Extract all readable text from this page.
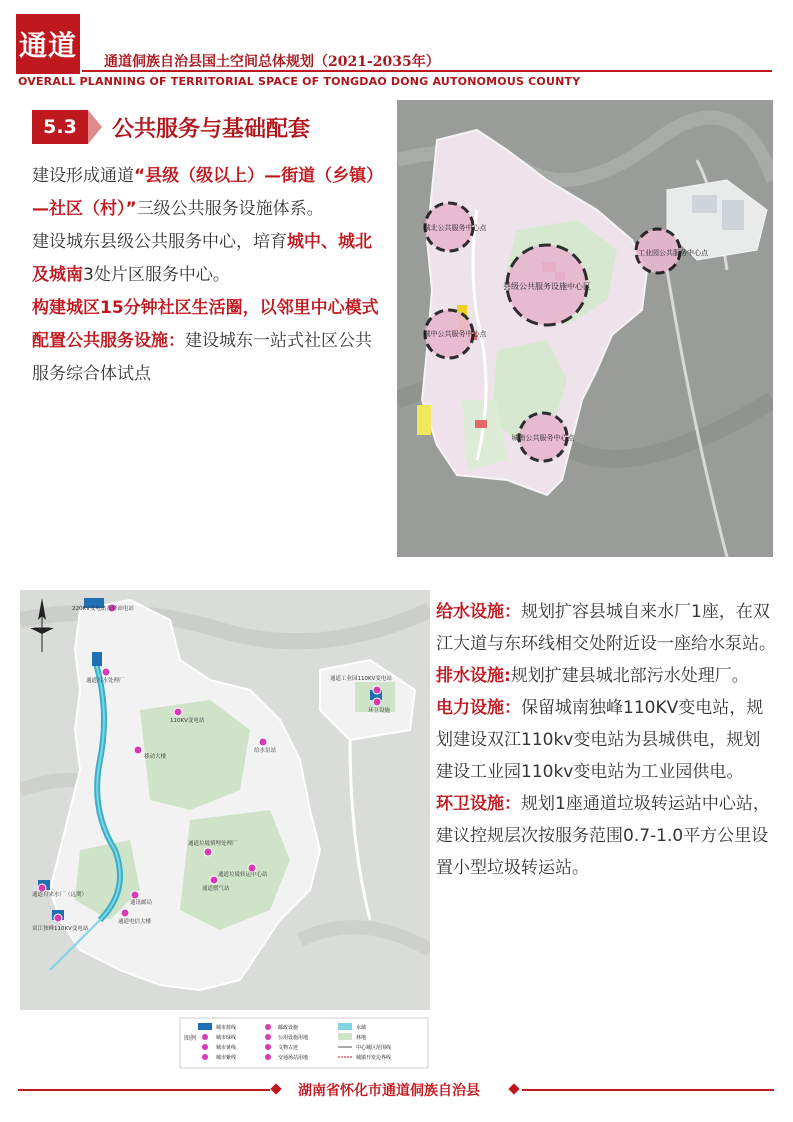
通道 通道侗族自治县国土空间总体规划（2021-2035年）
OVERALL PLANNING OF TERRITORIAL SPACE OF TONGDAO DONG AUTONOMOUS COUNTY
5.3	公共服务与基础配套

建设形成通道“县级（级以上）—街道（乡镇）—社区（村）”三级公共服务设施体系。

建设城东县级公共服务中心，培育城中、城北及城南3处片区服务中心。

构建城区15分钟社区生活圈，以邻里中心模式配置公共服务设施：建设城东一站式社区公共服务综合体试点

县级公共服务设施中心区
城北公共服务中心点
城中公共服务中心点
城南公共服务中心点
工业园公共服务中心点
220KV变电站及驿站电站
通道污水处理厂
110KV变电站
移动大楼
给水泵站
通道工业园110KV变电站
环卫设施
通道垃圾填埋处理厂
通道垃圾转运中心站
通道燃气站
通讯邮局
通道电信大楼
通道自来水厂（远期）
双江独峰110KV变电站
图例
城市蓝线
城市绿线
城市黄线
城市紫线
邮政设施
公用设施用地
文物古迹
交通场站用地
水域
林地
中心城区范围线
城镇开发边界线

给水设施：规划扩容县城自来水厂1座，在双江大道与东环线相交处附近设一座给水泵站。

排水设施:规划扩建县城北部污水处理厂。

电力设施：保留城南独峰110KV变电站，规划建设双江110kv变电站为县城供电，规划建设工业园110kv变电站为工业园供电。

环卫设施：规划1座通道垃圾转运站中心站，建议控规层次按服务范围0.7-1.0平方公里设置小型垃圾转运站。

湖南省怀化市通道侗族自治县
